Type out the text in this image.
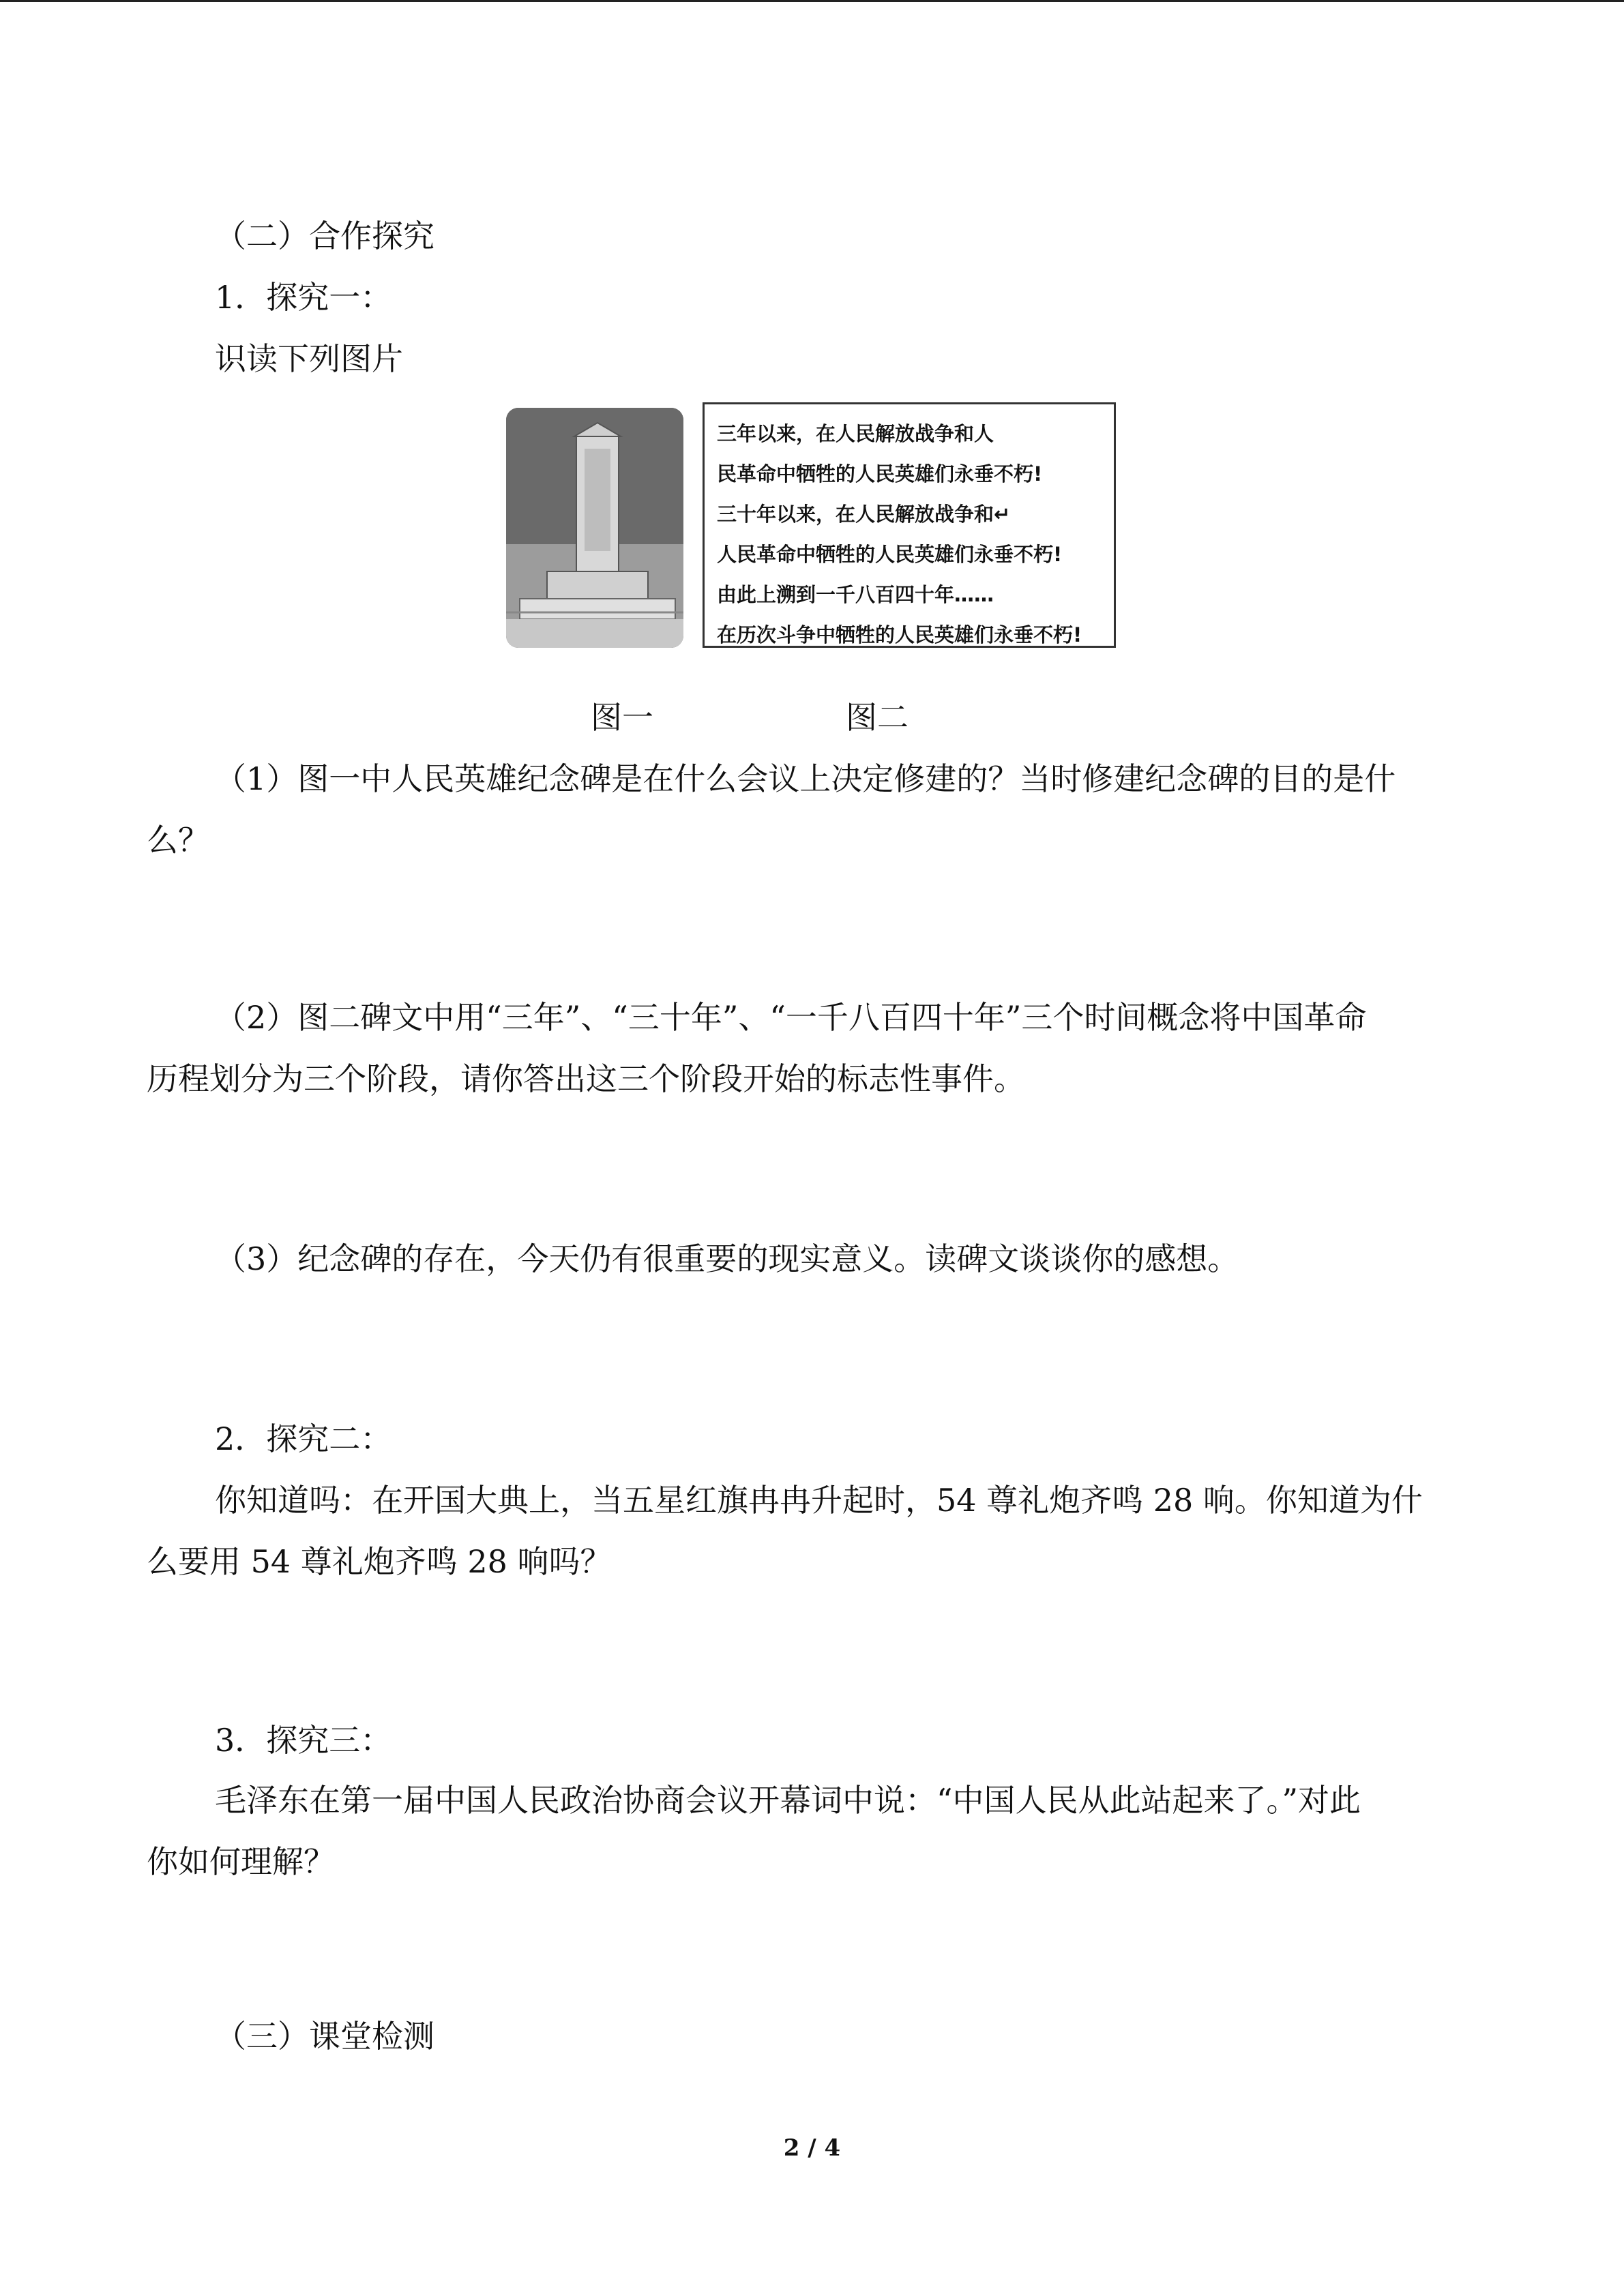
（二）合作探究
1．探究一：
识读下列图片
三年以来，在人民解放战争和人
民革命中牺牲的人民英雄们永垂不朽!
三十年以来，在人民解放战争和↵
人民革命中牺牲的人民英雄们永垂不朽!
由此上溯到一千八百四十年……
在历次斗争中牺牲的人民英雄们永垂不朽!
图一	图二
（1）图一中人民英雄纪念碑是在什么会议上决定修建的？当时修建纪念碑的目的是什
么？
（2）图二碑文中用“三年”、“三十年”、“一千八百四十年”三个时间概念将中国革命
历程划分为三个阶段，请你答出这三个阶段开始的标志性事件。
（3）纪念碑的存在，今天仍有很重要的现实意义。读碑文谈谈你的感想。
2．探究二：
你知道吗：在开国大典上，当五星红旗冉冉升起时，54 尊礼炮齐鸣 28 响。你知道为什
么要用 54 尊礼炮齐鸣 28 响吗？
3．探究三：
毛泽东在第一届中国人民政治协商会议开幕词中说：“中国人民从此站起来了。”对此
你如何理解？
（三）课堂检测
2 / 4
